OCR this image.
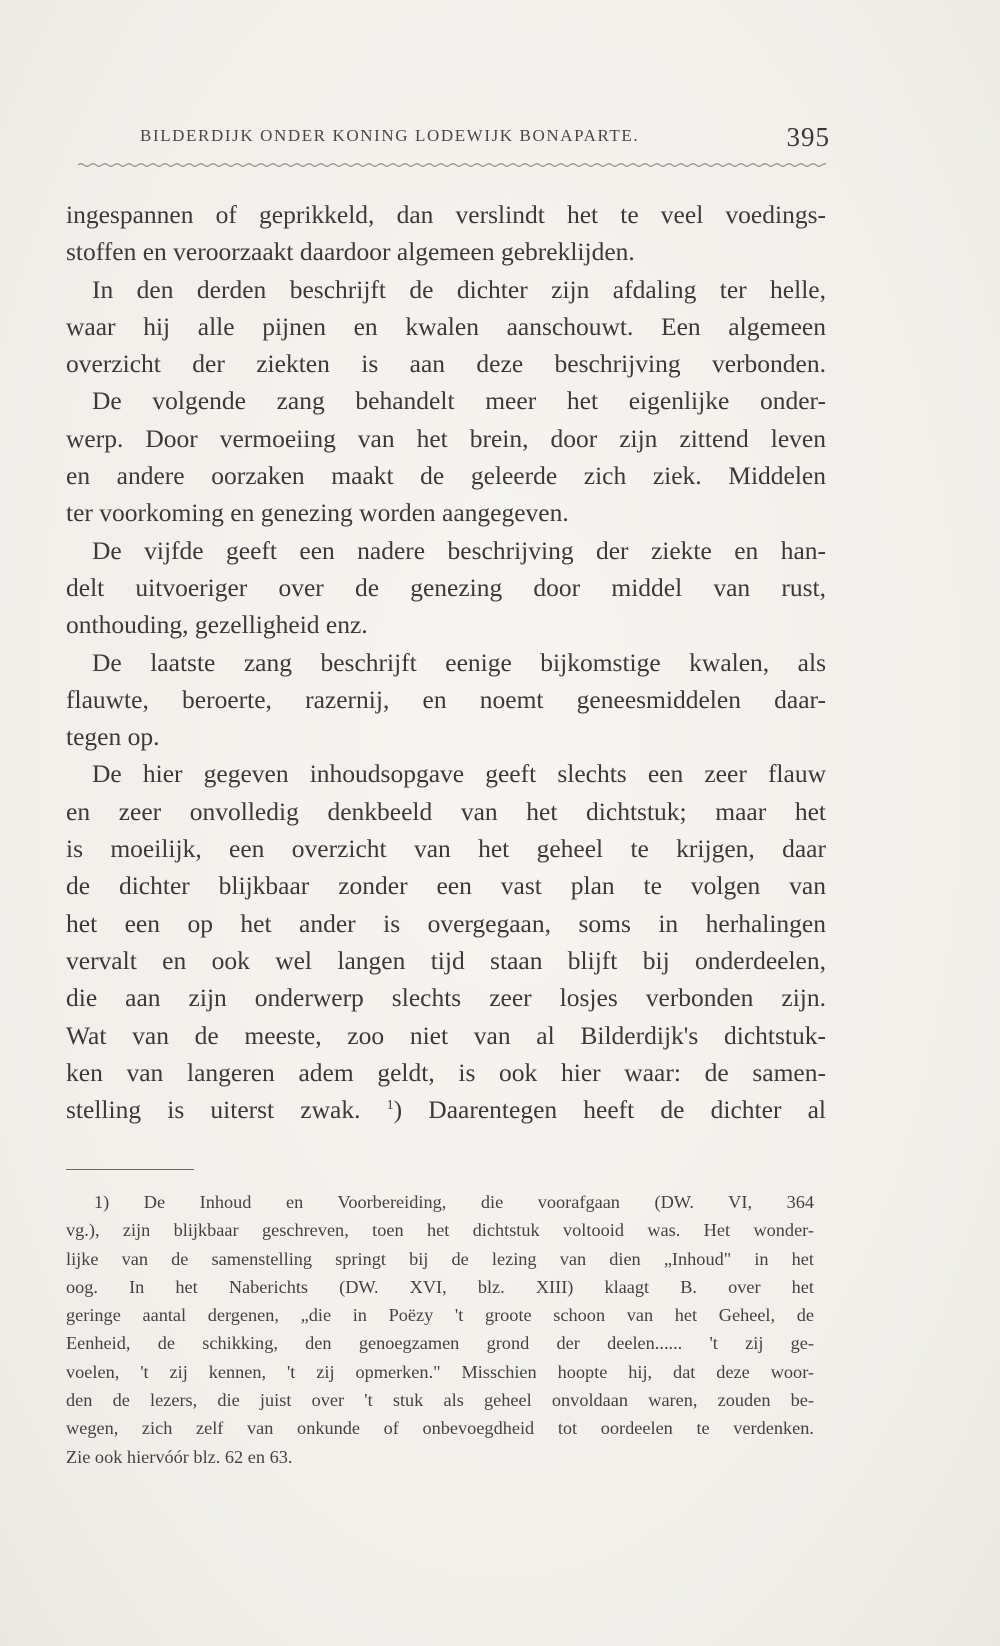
BILDERDIJK ONDER KONING LODEWIJK BONAPARTE.	395
ingespannen of geprikkeld, dan verslindt het te veel voedings-
stoffen en veroorzaakt daardoor algemeen gebreklijden.
In den derden beschrijft de dichter zijn afdaling ter helle,
waar hij alle pijnen en kwalen aanschouwt. Een algemeen
overzicht der ziekten is aan deze beschrijving verbonden.
De volgende zang behandelt meer het eigenlijke onder-
werp. Door vermoeiing van het brein, door zijn zittend leven
en andere oorzaken maakt de geleerde zich ziek. Middelen
ter voorkoming en genezing worden aangegeven.
De vijfde geeft een nadere beschrijving der ziekte en han-
delt uitvoeriger over de genezing door middel van rust,
onthouding, gezelligheid enz.
De laatste zang beschrijft eenige bijkomstige kwalen, als
flauwte, beroerte, razernij, en noemt geneesmiddelen daar-
tegen op.
De hier gegeven inhoudsopgave geeft slechts een zeer flauw
en zeer onvolledig denkbeeld van het dichtstuk; maar het
is moeilijk, een overzicht van het geheel te krijgen, daar
de dichter blijkbaar zonder een vast plan te volgen van
het een op het ander is overgegaan, soms in herhalingen
vervalt en ook wel langen tijd staan blijft bij onderdeelen,
die aan zijn onderwerp slechts zeer losjes verbonden zijn.
Wat van de meeste, zoo niet van al Bilderdijk's dichtstuk-
ken van langeren adem geldt, is ook hier waar: de samen-
stelling is uiterst zwak. $^1$) Daarentegen heeft de dichter al
1) De Inhoud en Voorbereiding, die voorafgaan (DW. VI, 364
vg.), zijn blijkbaar geschreven, toen het dichtstuk voltooid was. Het wonder-
lijke van de samenstelling springt bij de lezing van dien „Inhoud" in het
oog. In het Naberichts (DW. XVI, blz. XIII) klaagt B. over het
geringe aantal dergenen, „die in Poëzy 't groote schoon van het Geheel, de
Eenheid, de schikking, den genoegzamen grond der deelen...... 't zij ge-
voelen, 't zij kennen, 't zij opmerken." Misschien hoopte hij, dat deze woor-
den de lezers, die juist over 't stuk als geheel onvoldaan waren, zouden be-
wegen, zich zelf van onkunde of onbevoegdheid tot oordeelen te verdenken.
Zie ook hiervóór blz. 62 en 63.
